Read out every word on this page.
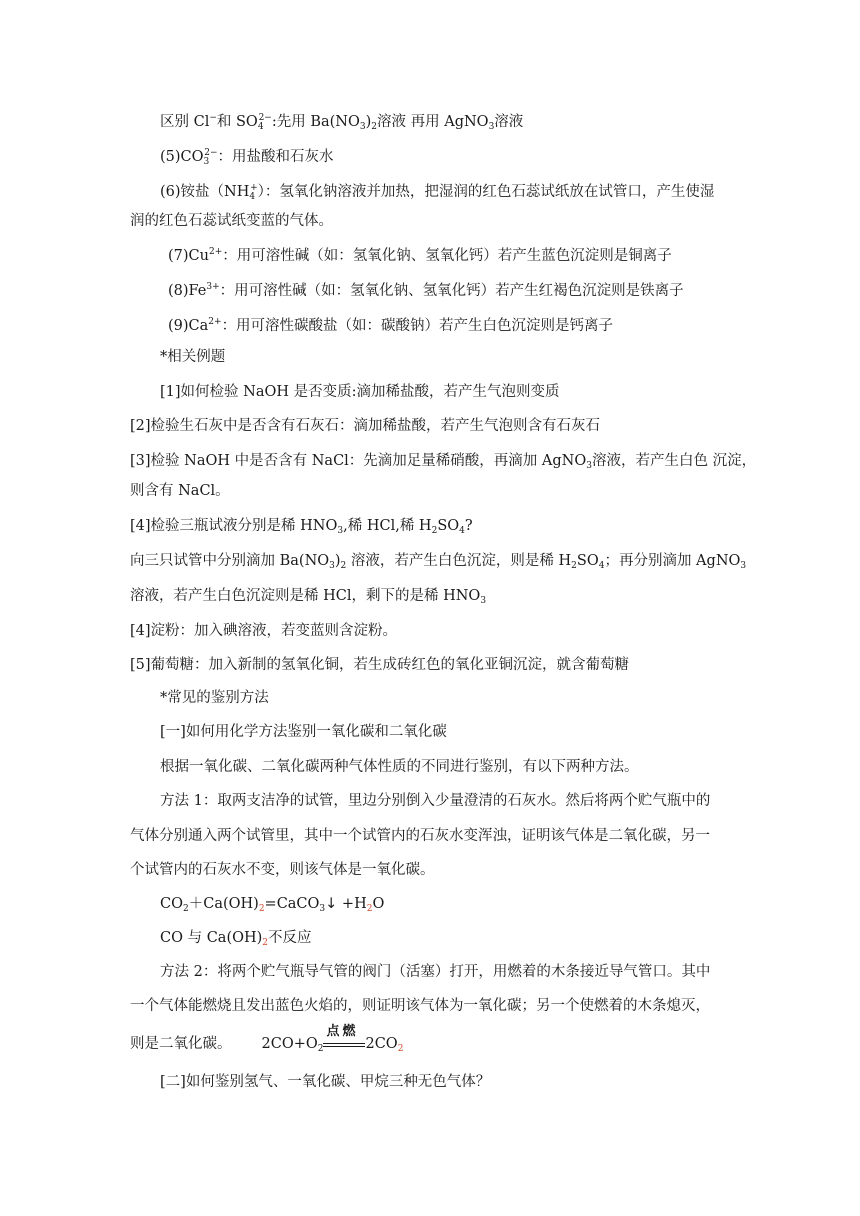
区别 Cl−和 $SO_4^{2-}$:先用 $Ba(NO_3)_2$溶液 再用 AgNO$_3$溶液
$(5)CO_3^{2-}$：用盐酸和石灰水
(6)铵盐$(NH_4^+)$：氢氧化钠溶液并加热，把湿润的红色石蕊试纸放在试管口，产生使湿
润的红色石蕊试纸变蓝的气体。
$(7)Cu^{2+}$：用可溶性碱（如：氢氧化钠、氢氧化钙）若产生蓝色沉淀则是铜离子
$(8)Fe^{3+}$：用可溶性碱（如：氢氧化钠、氢氧化钙）若产生红褐色沉淀则是铁离子
$(9)Ca^{2+}$：用可溶性碳酸盐（如：碳酸钠）若产生白色沉淀则是钙离子
*相关例题
[1]如何检验 NaOH 是否变质:滴加稀盐酸，若产生气泡则变质
[2]检验生石灰中是否含有石灰石：滴加稀盐酸，若产生气泡则含有石灰石
[3]检验 NaOH 中是否含有 NaCl：先滴加足量稀硝酸，再滴加 AgNO$_3$溶液，若产生白色 沉淀，
则含有 NaCl。
[4]检验三瓶试液分别是稀 $HNO_3$,稀 HCl,稀 $H_2SO_4$?
向三只试管中分别滴加 $Ba(NO_3)_2$ 溶液，若产生白色沉淀，则是稀 $H_2SO_4$；再分别滴加 AgNO$_3$
溶液，若产生白色沉淀则是稀 HCl，剩下的是稀 $HNO_3$
[4]淀粉：加入碘溶液，若变蓝则含淀粉。
[5]葡萄糖：加入新制的氢氧化铜，若生成砖红色的氧化亚铜沉淀，就含葡萄糖
*常见的鉴别方法
[一]如何用化学方法鉴别一氧化碳和二氧化碳
根据一氧化碳、二氧化碳两种气体性质的不同进行鉴别，有以下两种方法。
方法 1：取两支洁净的试管，里边分别倒入少量澄清的石灰水。然后将两个贮气瓶中的
气体分别通入两个试管里，其中一个试管内的石灰水变浑浊，证明该气体是二氧化碳，另一
个试管内的石灰水不变，则该气体是一氧化碳。
$CO_2+Ca(OH)_2=CaCO_3↓ +H_2O$
CO 与 $Ca(OH)_2$不反应
方法 2：将两个贮气瓶导气管的阀门（活塞）打开，用燃着的木条接近导气管口。其中
一个气体能燃烧且发出蓝色火焰的，则证明该气体为一氧化碳；另一个使燃着的木条熄灭，
则是二氧化碳。 $2CO+O_2$
点燃
$2CO_2$
[二]如何鉴别氢气、一氧化碳、甲烷三种无色气体？
